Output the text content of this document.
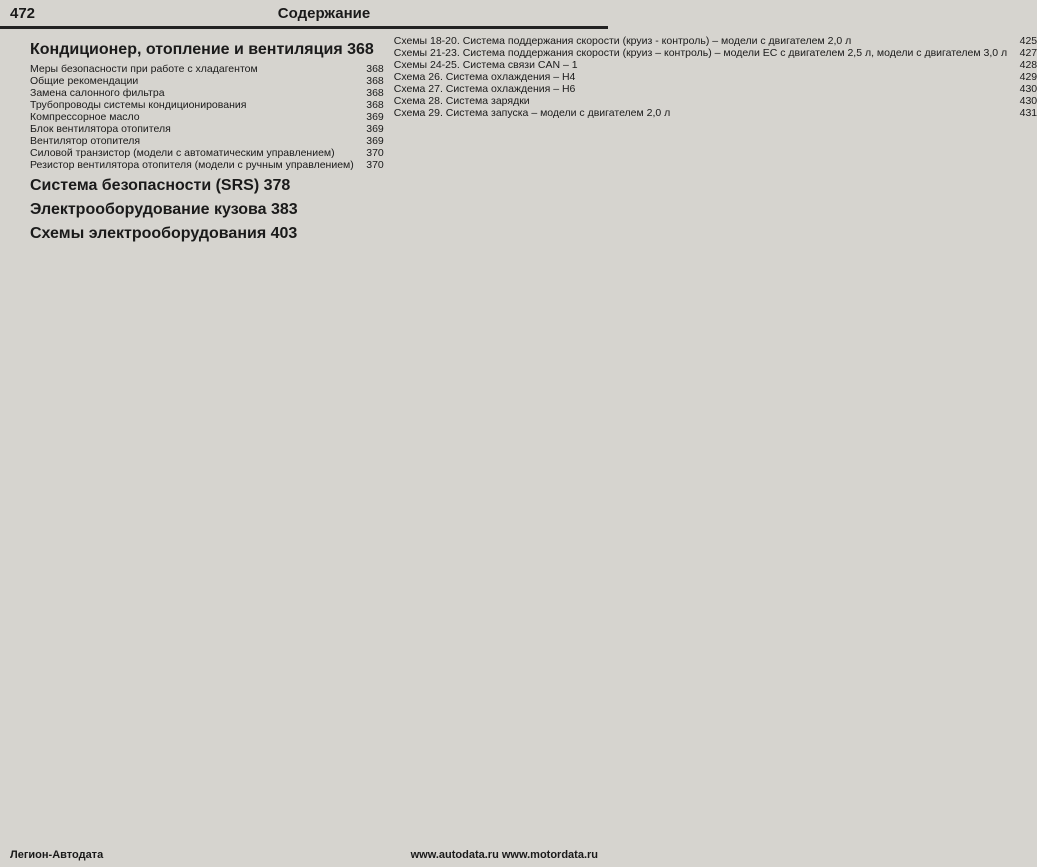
472	Содержание
Кондиционер, отопление и вентиляция 368
Меры безопасности при работе с хладагентом	368
Общие рекомендации	368
Замена салонного фильтра	368
Трубопроводы системы кондиционирования	368
Компрессорное масло	369
Блок вентилятора отопителя	369
Вентилятор отопителя	369
Силовой транзистор (модели с автоматическим управлением)	370
Резистор вентилятора отопителя (модели с ручным управлением)	370
Система безопасности (SRS) 378
Электрооборудование кузова 383
Схемы электрооборудования 403
Схемы 18-20. Система поддержания скорости (круиз - контроль) – модели с двигателем 2,0 л	425
Схемы 21-23. Система поддержания скорости (круиз – контроль) – модели ЕС с двигателем 2,5 л, модели с двигателем 3,0 л	427
Схемы 24-25. Система связи CAN – 1	428
Схема 26. Система охлаждения – Н4	429
Схема 27. Система охлаждения – Н6	430
Схема 28. Система зарядки	430
Схема 29. Система запуска – модели с двигателем 2,0 л	431
Легион-Автодата	www.autodata.ru www.motordata.ru
